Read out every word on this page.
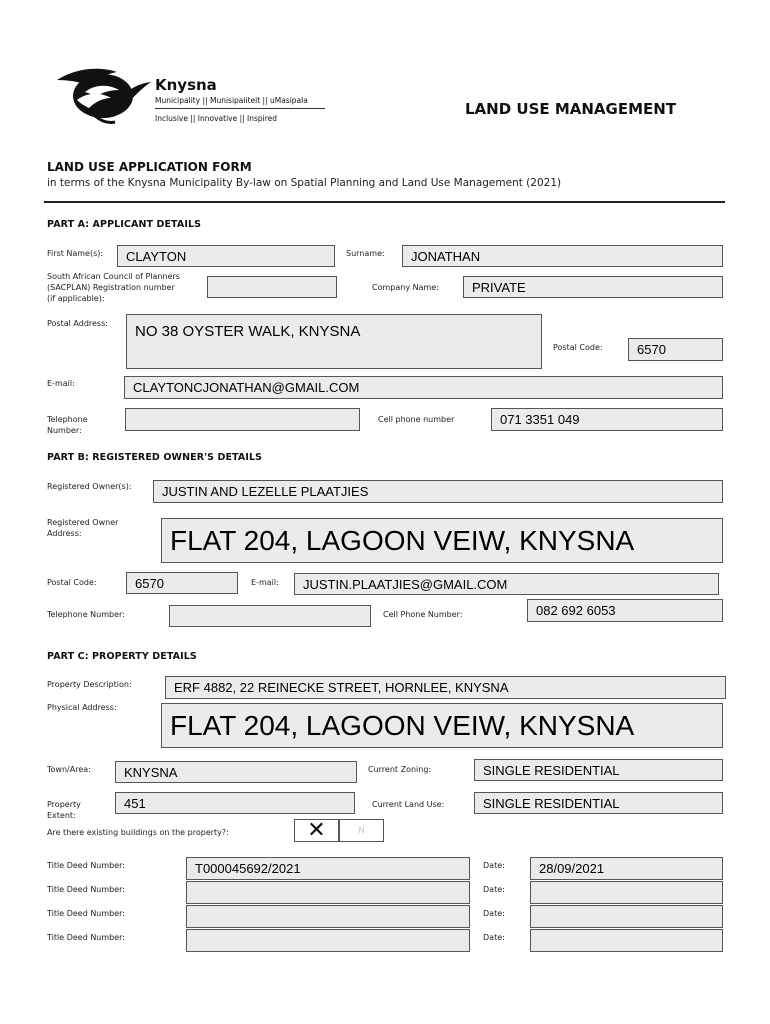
Knysna
Municipality || Munisipaliteit || uMasipala
Inclusive || Innovative || Inspired
LAND USE MANAGEMENT
LAND USE APPLICATION FORM
in terms of the Knysna Municipality By-law on Spatial Planning and Land Use Management (2021)
PART A: APPLICANT DETAILS
First Name(s):	CLAYTON	Surname:	JONATHAN
South African Council of Planners
(SACPLAN) Registration number
(if applicable):
Company Name:	PRIVATE
Postal Address:	NO 38 OYSTER WALK, KNYSNA
Postal Code:	6570
E-mail:	CLAYTONCJONATHAN@GMAIL.COM
Telephone
Number:
Cell phone number	071 3351 049
PART B: REGISTERED OWNER'S DETAILS
Registered Owner(s):	JUSTIN AND LEZELLE PLAATJIES
Registered Owner
Address:	FLAT 204, LAGOON VEIW, KNYSNA
Postal Code:	6570	E-mail:	JUSTIN.PLAATJIES@GMAIL.COM
Telephone Number:	Cell Phone Number:	082 692 6053
PART C: PROPERTY DETAILS
Property Description:	ERF 4882, 22 REINECKE STREET, HORNLEE, KNYSNA
Physical Address:
FLAT 204, LAGOON VEIW, KNYSNA
Town/Area:	KNYSNA	Current Zoning:	SINGLE RESIDENTIAL
Property
Extent:
451	Current Land Use:	SINGLE RESIDENTIAL
Are there existing buildings on the property?:	✕	N
Title Deed Number:	T000045692/2021	Date:	28/09/2021
Title Deed Number:	Date:
Title Deed Number:	Date:
Title Deed Number:	Date:
